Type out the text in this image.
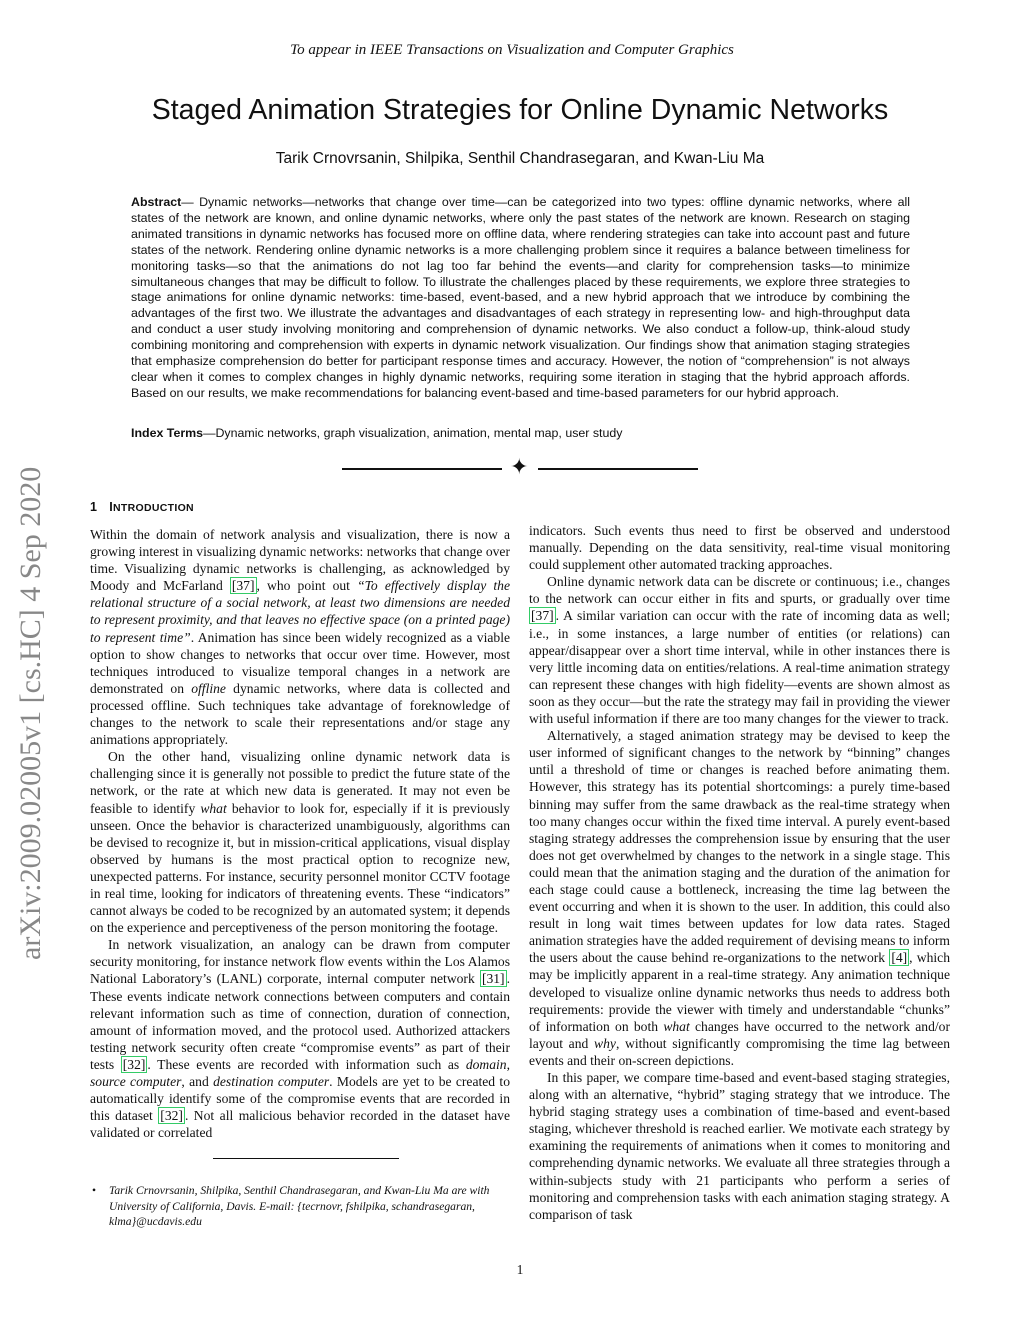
To appear in IEEE Transactions on Visualization and Computer Graphics
Staged Animation Strategies for Online Dynamic Networks
Tarik Crnovrsanin, Shilpika, Senthil Chandrasegaran, and Kwan-Liu Ma
Abstract— Dynamic networks—networks that change over time—can be categorized into two types: offline dynamic networks, where all states of the network are known, and online dynamic networks, where only the past states of the network are known. Research on staging animated transitions in dynamic networks has focused more on offline data, where rendering strategies can take into account past and future states of the network. Rendering online dynamic networks is a more challenging problem since it requires a balance between timeliness for monitoring tasks—so that the animations do not lag too far behind the events—and clarity for comprehension tasks—to minimize simultaneous changes that may be difficult to follow. To illustrate the challenges placed by these requirements, we explore three strategies to stage animations for online dynamic networks: time-based, event-based, and a new hybrid approach that we introduce by combining the advantages of the first two. We illustrate the advantages and disadvantages of each strategy in representing low- and high-throughput data and conduct a user study involving monitoring and comprehension of dynamic networks. We also conduct a follow-up, think-aloud study combining monitoring and comprehension with experts in dynamic network visualization. Our findings show that animation staging strategies that emphasize comprehension do better for participant response times and accuracy. However, the notion of “comprehension” is not always clear when it comes to complex changes in highly dynamic networks, requiring some iteration in staging that the hybrid approach affords. Based on our results, we make recommendations for balancing event-based and time-based parameters for our hybrid approach.
Index Terms—Dynamic networks, graph visualization, animation, mental map, user study
✦
arXiv:2009.02005v1 [cs.HC] 4 Sep 2020	1 INTRODUCTION

Within the domain of network analysis and visualization, there is now a growing interest in visualizing dynamic networks: networks that change over time. Visualizing dynamic networks is challenging, as acknowledged by Moody and McFarland [37] , who point out “To effectively display the relational structure of a social network, at least two dimensions are needed to represent proximity, and that leaves no effective space (on a printed page) to represent time”. Animation has since been widely recognized as a viable option to show changes to networks that occur over time. However, most techniques introduced to visualize temporal changes in a network are demonstrated on offline dynamic networks, where data is collected and processed offline. Such techniques take advantage of foreknowledge of changes to the network to scale their representations and/or stage any animations appropriately.

On the other hand, visualizing online dynamic network data is challenging since it is generally not possible to predict the future state of the network, or the rate at which new data is generated. It may not even be feasible to identify what behavior to look for, especially if it is previously unseen. Once the behavior is characterized unambiguously, algorithms can be devised to recognize it, but in mission-critical applications, visual display observed by humans is the most practical option to recognize new, unexpected patterns. For instance, security personnel monitor CCTV footage in real time, looking for indicators of threatening events. These “indicators” cannot always be coded to be recognized by an automated system; it depends on the experience and perceptiveness of the person monitoring the footage.

In network visualization, an analogy can be drawn from computer security monitoring, for instance network flow events within the Los Alamos National Laboratory’s (LANL) corporate, internal computer network [31] . These events indicate network connections between computers and contain relevant information such as time of connection, duration of connection, amount of information moved, and the protocol used. Authorized attackers testing network security often create “compromise events” as part of their tests [32] . These events are recorded with information such as domain, source computer, and destination computer. Models are yet to be created to automatically identify some of the compromise events that are recorded in this dataset [32] . Not all malicious behavior recorded in the dataset have validated or correlated

indicators. Such events thus need to first be observed and understood manually. Depending on the data sensitivity, real-time visual monitoring could supplement other automated tracking approaches.

Online dynamic network data can be discrete or continuous; i.e., changes to the network can occur either in fits and spurts, or gradually over time [37] . A similar variation can occur with the rate of incoming data as well; i.e., in some instances, a large number of entities (or relations) can appear/disappear over a short time interval, while in other instances there is very little incoming data on entities/relations. A real-time animation strategy can represent these changes with high fidelity—events are shown almost as soon as they occur—but the rate the strategy may fail in providing the viewer with useful information if there are too many changes for the viewer to track.

Alternatively, a staged animation strategy may be devised to keep the user informed of significant changes to the network by “binning” changes until a threshold of time or changes is reached before animating them. However, this strategy has its potential shortcomings: a purely time-based binning may suffer from the same drawback as the real-time strategy when too many changes occur within the fixed time interval. A purely event-based staging strategy addresses the comprehension issue by ensuring that the user does not get overwhelmed by changes to the network in a single stage. This could mean that the animation staging and the duration of the animation for each stage could cause a bottleneck, increasing the time lag between the event occurring and when it is shown to the user. In addition, this could also result in long wait times between updates for low data rates. Staged animation strategies have the added requirement of devising means to inform the users about the cause behind re-organizations to the network [4] , which may be implicitly apparent in a real-time strategy. Any animation technique developed to visualize online dynamic networks thus needs to address both requirements: provide the viewer with timely and understandable “chunks” of information on both what changes have occurred to the network and/or layout and why, without significantly compromising the time lag between events and their on-screen depictions.

In this paper, we compare time-based and event-based staging strategies, along with an alternative, “hybrid” staging strategy that we introduce. The hybrid staging strategy uses a combination of time-based and event-based staging, whichever threshold is reached earlier. We motivate each strategy by examining the requirements of animations when it comes to monitoring and comprehending dynamic networks. We evaluate all three strategies through a within-subjects study with 21 participants who perform a series of monitoring and comprehension tasks with each animation staging strategy. A comparison of task

• Tarik Crnovrsanin, Shilpika, Senthil Chandrasegaran, and Kwan-Liu Ma are with University of California, Davis. E-mail: {tecrnovr, fshilpika, schandrasegaran, klma}@ucdavis.edu
1
